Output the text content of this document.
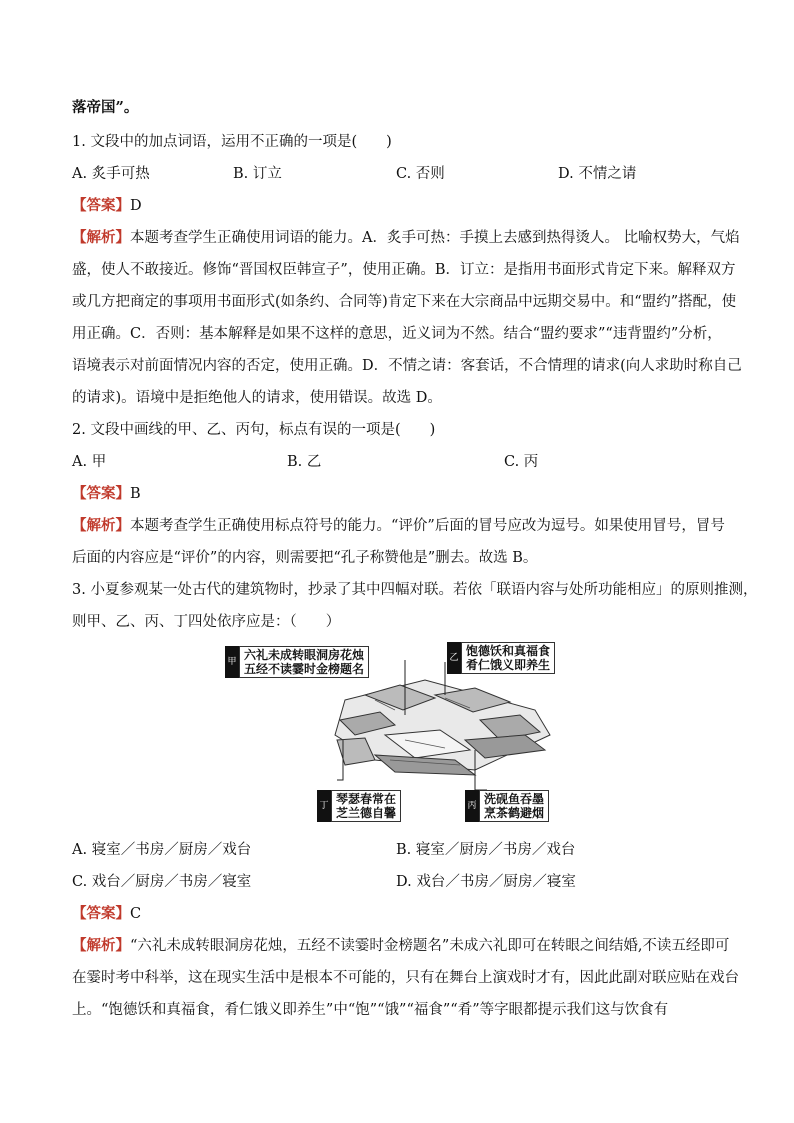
落帝国”。
1. 文段中的加点词语，运用不正确的一项是(　　)
A. 炙手可热	B. 订立	C. 否则	D. 不情之请
【答案】D
【解析】本题考查学生正确使用词语的能力。A．炙手可热：手摸上去感到热得烫人。 比喻权势大，气焰
盛，使人不敢接近。修饰“晋国权臣韩宣子”，使用正确。B．订立：是指用书面形式肯定下来。解释双方
或几方把商定的事项用书面形式(如条约、合同等)肯定下来在大宗商品中远期交易中。和“盟约”搭配，使
用正确。C．否则：基本解释是如果不这样的意思，近义词为不然。结合“盟约要求”“违背盟约”分析，
语境表示对前面情况内容的否定，使用正确。D．不情之请：客套话，不合情理的请求(向人求助时称自己
的请求)。语境中是拒绝他人的请求，使用错误。故选 D。
2. 文段中画线的甲、乙、丙句，标点有误的一项是(　　)
A. 甲	B. 乙	C. 丙
【答案】B
【解析】本题考查学生正确使用标点符号的能力。“评价”后面的冒号应改为逗号。如果使用冒号，冒号
后面的内容应是“评价”的内容，则需要把“孔子称赞他是”删去。故选 B。
3. 小夏参观某一处古代的建筑物时，抄录了其中四幅对联。若依「联语内容与处所功能相应」的原则推测，
则甲、乙、丙、丁四处依序应是：（　　）
甲 六礼未成转眼洞房花烛
五经不读霎时金榜题名
乙 饱德饫和真福食
肴仁饿义即养生
丁 琴瑟春常在
芝兰德自馨	丙 洗砚鱼吞墨
烹茶鹤避烟
A. 寝室／书房／厨房／戏台	B. 寝室／厨房／书房／戏台
C. 戏台／厨房／书房／寝室	D. 戏台／书房／厨房／寝室
【答案】C
【解析】“六礼未成转眼洞房花烛，五经不读霎时金榜题名”未成六礼即可在转眼之间结婚,不读五经即可
在霎时考中科举，这在现实生活中是根本不可能的，只有在舞台上演戏时才有，因此此副对联应贴在戏台
上。“饱德饫和真福食，肴仁饿义即养生”中“饱”“饿”“福食”“肴”等字眼都提示我们这与饮食有
